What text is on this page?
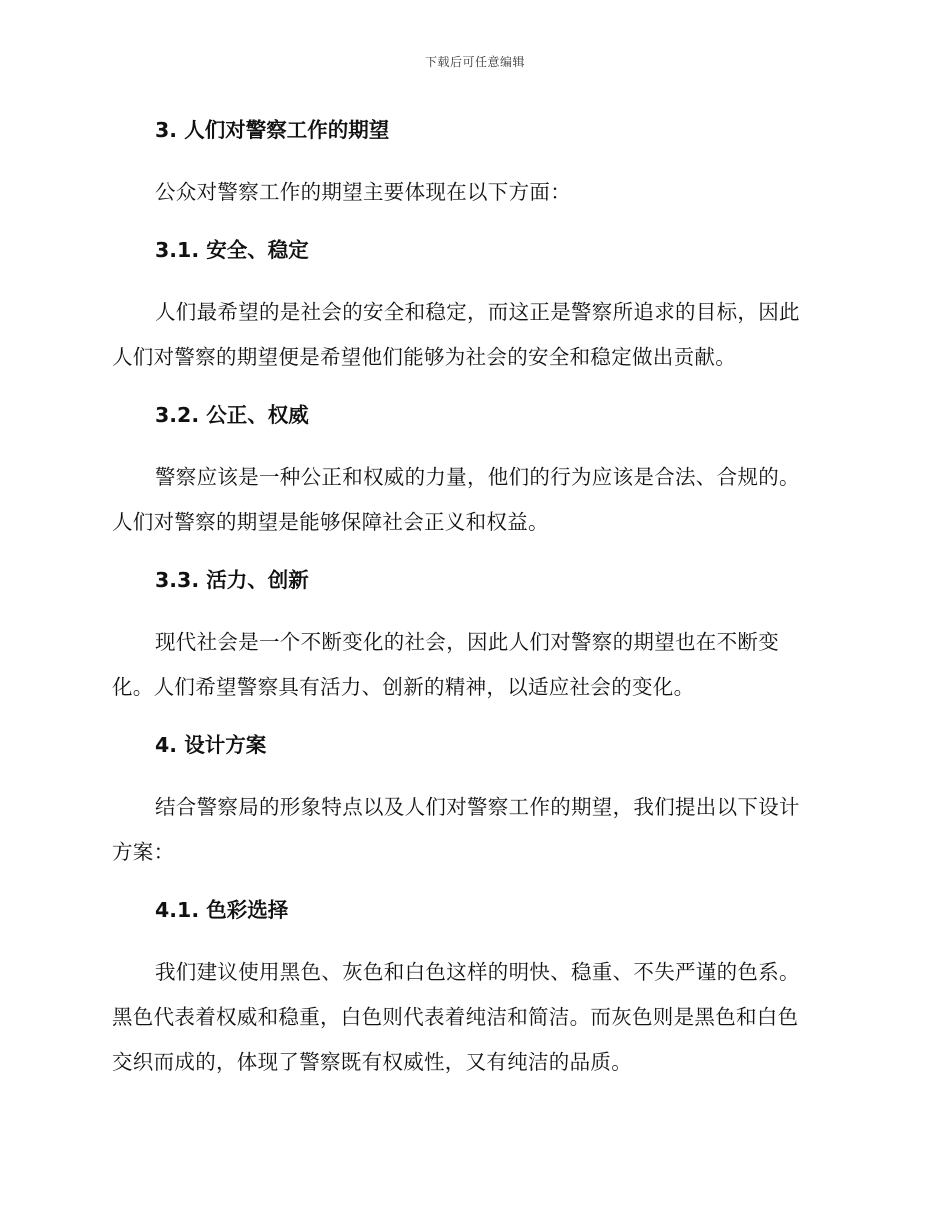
下载后可任意编辑
3. 人们对警察工作的期望
公众对警察工作的期望主要体现在以下方面：
3.1. 安全、稳定
人们最希望的是社会的安全和稳定，而这正是警察所追求的目标，因此
人们对警察的期望便是希望他们能够为社会的安全和稳定做出贡献。
3.2. 公正、权威
警察应该是一种公正和权威的力量，他们的行为应该是合法、合规的。
人们对警察的期望是能够保障社会正义和权益。
3.3. 活力、创新
现代社会是一个不断变化的社会，因此人们对警察的期望也在不断变
化。人们希望警察具有活力、创新的精神，以适应社会的变化。
4. 设计方案
结合警察局的形象特点以及人们对警察工作的期望，我们提出以下设计
方案：
4.1. 色彩选择
我们建议使用黑色、灰色和白色这样的明快、稳重、不失严谨的色系。
黑色代表着权威和稳重，白色则代表着纯洁和简洁。而灰色则是黑色和白色
交织而成的，体现了警察既有权威性，又有纯洁的品质。
